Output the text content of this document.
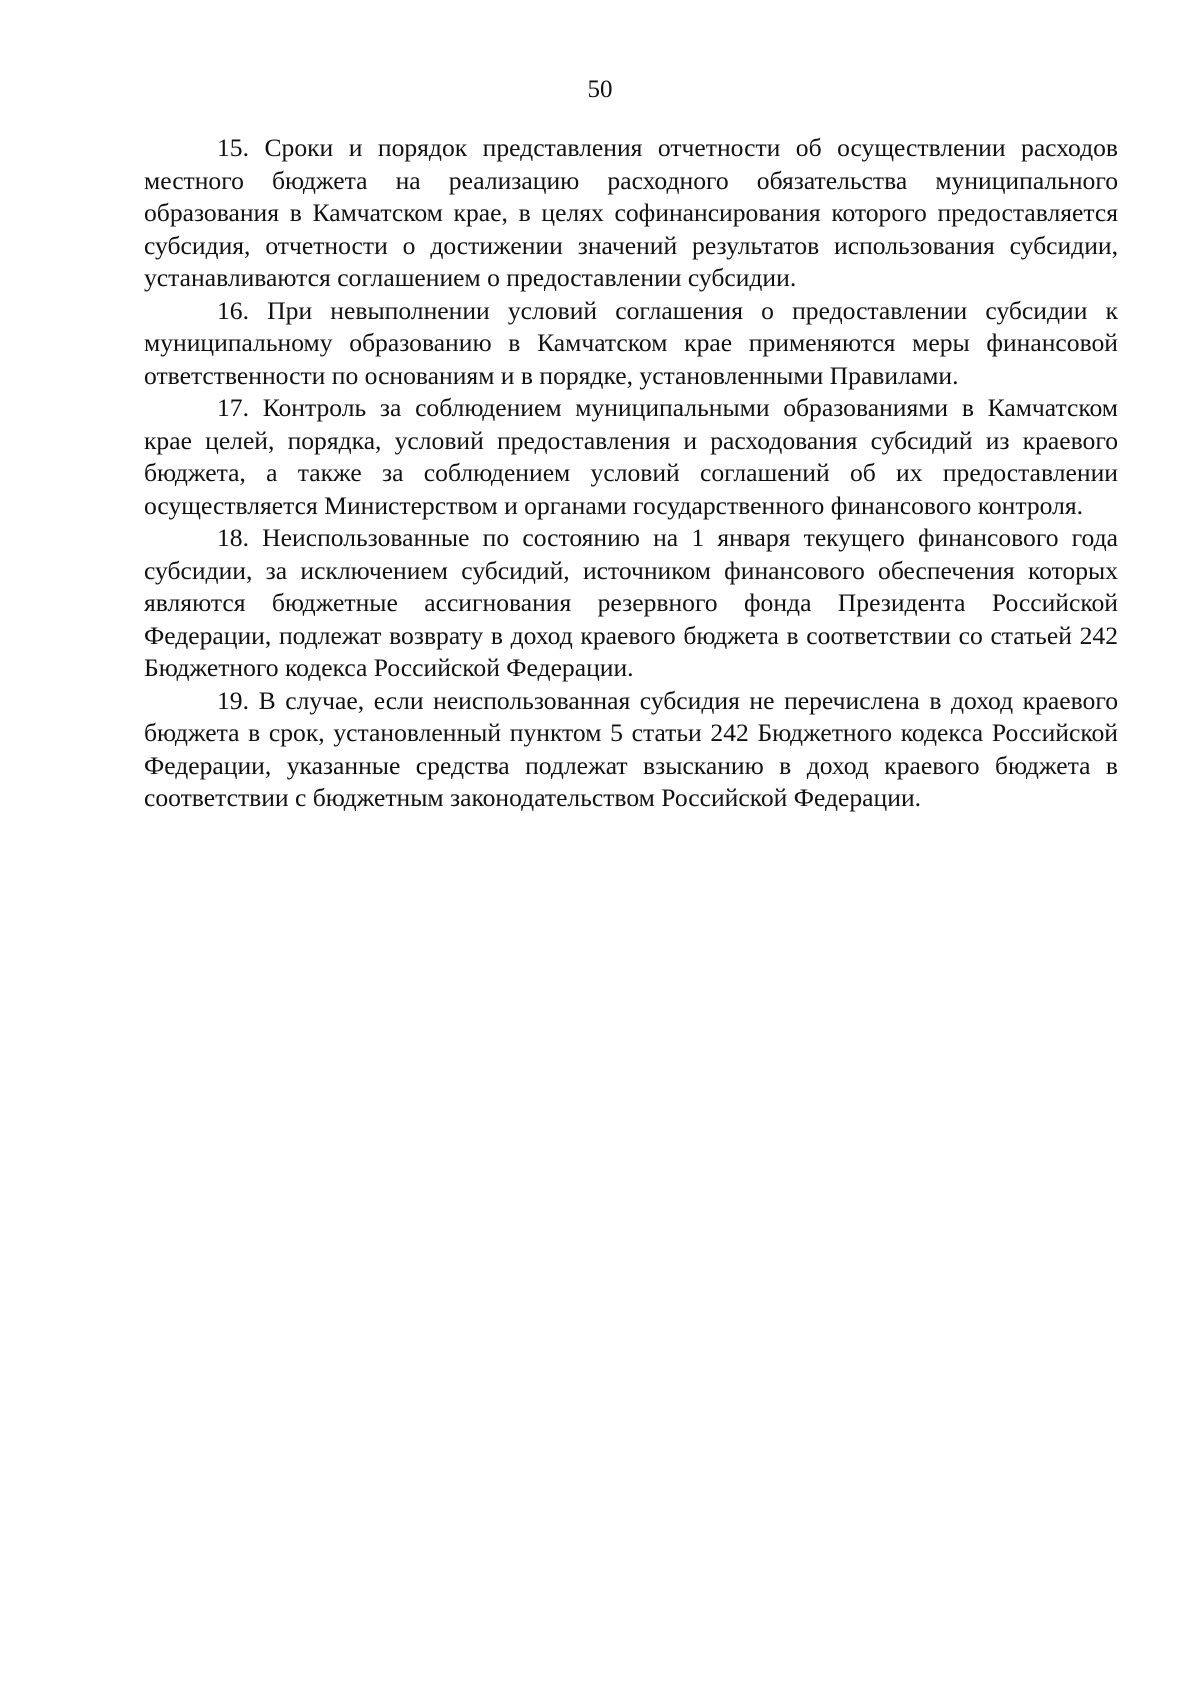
50

15. Сроки и порядок представления отчетности об осуществлении расходов местного бюджета на реализацию расходного обязательства муниципального образования в Камчатском крае, в целях софинансирования которого предоставляется субсидия, отчетности о достижении значений результатов использования субсидии, устанавливаются соглашением о предоставлении субсидии.

16. При невыполнении условий соглашения о предоставлении субсидии к муниципальному образованию в Камчатском крае применяются меры финансовой ответственности по основаниям и в порядке, установленными Правилами.

17. Контроль за соблюдением муниципальными образованиями в Камчатском крае целей, порядка, условий предоставления и расходования субсидий из краевого бюджета, а также за соблюдением условий соглашений об их предоставлении осуществляется Министерством и органами государственного финансового контроля.

18. Неиспользованные по состоянию на 1 января текущего финансового года субсидии, за исключением субсидий, источником финансового обеспечения которых являются бюджетные ассигнования резервного фонда Президента Российской Федерации, подлежат возврату в доход краевого бюджета в соответствии со статьей 242 Бюджетного кодекса Российской Федерации.

19. В случае, если неиспользованная субсидия не перечислена в доход краевого бюджета в срок, установленный пунктом 5 статьи 242 Бюджетного кодекса Российской Федерации, указанные средства подлежат взысканию в доход краевого бюджета в соответствии с бюджетным законодательством Российской Федерации.
